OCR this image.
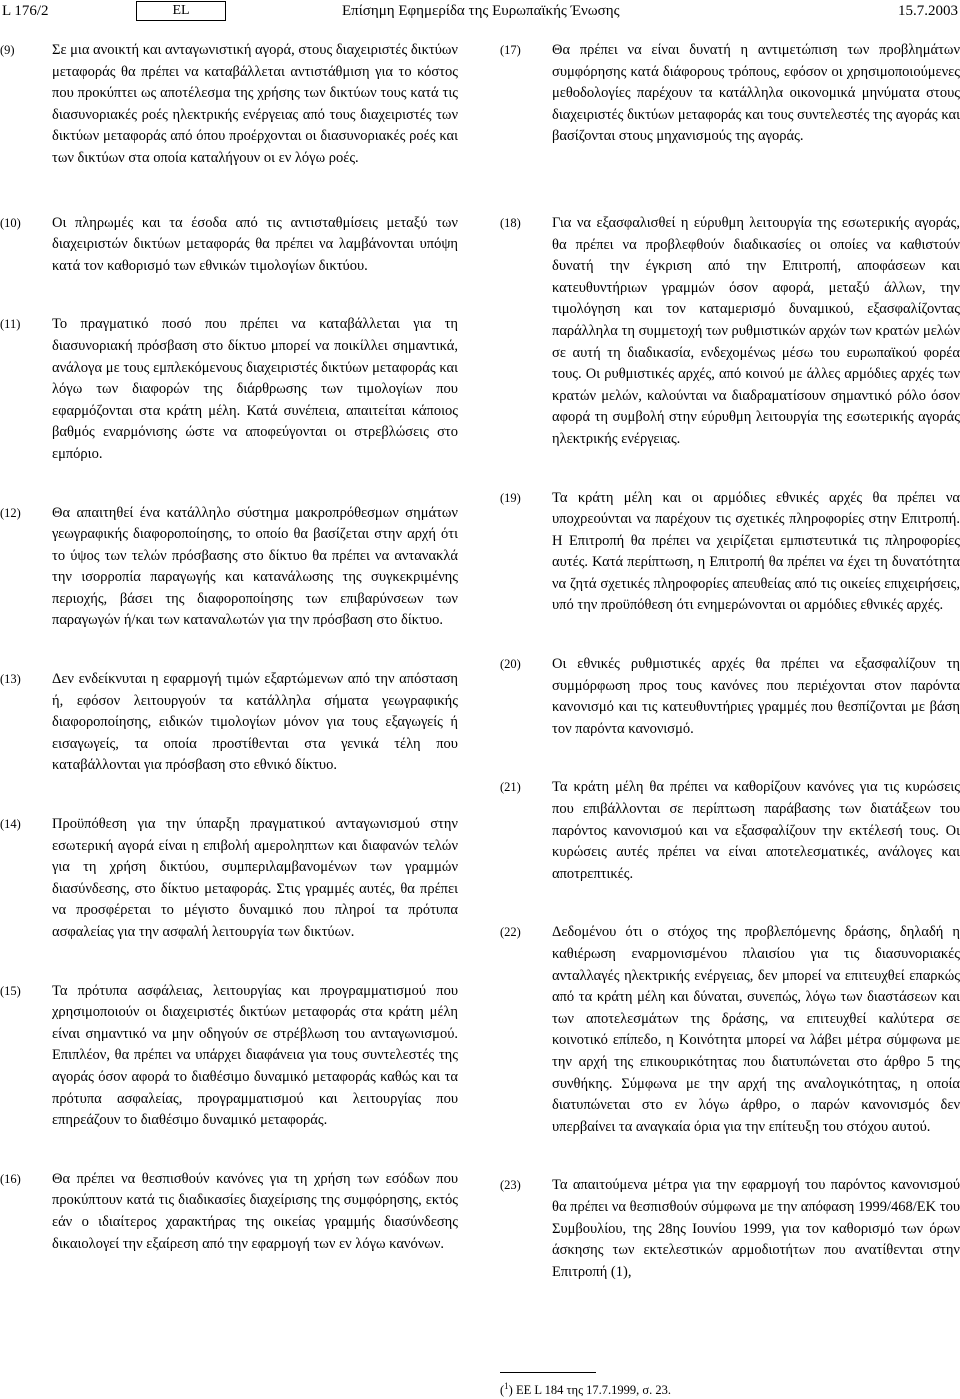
L 176/2	EL	Επίσημη Εφημερίδα της Ευρωπαϊκής Ένωσης	15.7.2003
(9)	Σε μια ανοικτή και ανταγωνιστική αγορά, στους διαχειριστές δικτύων μεταφοράς θα πρέπει να καταβάλλεται αντιστάθμιση για το κόστος που προκύπτει ως αποτέλεσμα της χρήσης των δικτύων τους κατά τις διασυνοριακές ροές ηλεκτρικής ενέργειας από τους διαχειριστές των δικτύων μεταφοράς από όπου προέρχονται οι διασυνοριακές ροές και των δικτύων στα οποία καταλήγουν οι εν λόγω ροές.
(10)	Οι πληρωμές και τα έσοδα από τις αντισταθμίσεις μεταξύ των διαχειριστών δικτύων μεταφοράς θα πρέπει να λαμβάνονται υπόψη κατά τον καθορισμό των εθνικών τιμολογίων δικτύου.
(11)	Το πραγματικό ποσό που πρέπει να καταβάλλεται για τη διασυνοριακή πρόσβαση στο δίκτυο μπορεί να ποικίλλει σημαντικά, ανάλογα με τους εμπλεκόμενους διαχειριστές δικτύων μεταφοράς και λόγω των διαφορών της διάρθρωσης των τιμολογίων που εφαρμόζονται στα κράτη μέλη. Κατά συνέπεια, απαιτείται κάποιος βαθμός εναρμόνισης ώστε να αποφεύγονται οι στρεβλώσεις στο εμπόριο.
(12)	Θα απαιτηθεί ένα κατάλληλο σύστημα μακροπρόθεσμων σημάτων γεωγραφικής διαφοροποίησης, το οποίο θα βασίζεται στην αρχή ότι το ύψος των τελών πρόσβασης στο δίκτυο θα πρέπει να αντανακλά την ισορροπία παραγωγής και κατανάλωσης της συγκεκριμένης περιοχής, βάσει της διαφοροποίησης των επιβαρύνσεων των παραγωγών ή/και των καταναλωτών για την πρόσβαση στο δίκτυο.
(13)	Δεν ενδείκνυται η εφαρμογή τιμών εξαρτώμενων από την απόσταση ή, εφόσον λειτουργούν τα κατάλληλα σήματα γεωγραφικής διαφοροποίησης, ειδικών τιμολογίων μόνον για τους εξαγωγείς ή εισαγωγείς, τα οποία προστίθενται στα γενικά τέλη που καταβάλλονται για πρόσβαση στο εθνικό δίκτυο.
(14)	Προϋπόθεση για την ύπαρξη πραγματικού ανταγωνισμού στην εσωτερική αγορά είναι η επιβολή αμεροληπτων και διαφανών τελών για τη χρήση δικτύου, συμπεριλαμβανομένων των γραμμών διασύνδεσης, στο δίκτυο μεταφοράς. Στις γραμμές αυτές, θα πρέπει να προσφέρεται το μέγιστο δυναμικό που πληροί τα πρότυπα ασφαλείας για την ασφαλή λειτουργία των δικτύων.
(15)	Τα πρότυπα ασφάλειας, λειτουργίας και προγραμματισμού που χρησιμοποιούν οι διαχειριστές δικτύων μεταφοράς στα κράτη μέλη είναι σημαντικό να μην οδηγούν σε στρέβλωση του ανταγωνισμού. Επιπλέον, θα πρέπει να υπάρχει διαφάνεια για τους συντελεστές της αγοράς όσον αφορά το διαθέσιμο δυναμικό μεταφοράς καθώς και τα πρότυπα ασφαλείας, προγραμματισμού και λειτουργίας που επηρεάζουν το διαθέσιμο δυναμικό μεταφοράς.
(16)	Θα πρέπει να θεσπισθούν κανόνες για τη χρήση των εσόδων που προκύπτουν κατά τις διαδικασίες διαχείρισης της συμφόρησης, εκτός εάν ο ιδιαίτερος χαρακτήρας της οικείας γραμμής διασύνδεσης δικαιολογεί την εξαίρεση από την εφαρμογή των εν λόγω κανόνων.
(17)	Θα πρέπει να είναι δυνατή η αντιμετώπιση των προβλημάτων συμφόρησης κατά διάφορους τρόπους, εφόσον οι χρησιμοποιούμενες μεθοδολογίες παρέχουν τα κατάλληλα οικονομικά μηνύματα στους διαχειριστές δικτύων μεταφοράς και τους συντελεστές της αγοράς και βασίζονται στους μηχανισμούς της αγοράς.
(18)	Για να εξασφαλισθεί η εύρυθμη λειτουργία της εσωτερικής αγοράς, θα πρέπει να προβλεφθούν διαδικασίες οι οποίες να καθιστούν δυνατή την έγκριση από την Επιτροπή, αποφάσεων και κατευθυντήριων γραμμών όσον αφορά, μεταξύ άλλων, την τιμολόγηση και τον καταμερισμό δυναμικού, εξασφαλίζοντας παράλληλα τη συμμετοχή των ρυθμιστικών αρχών των κρατών μελών σε αυτή τη διαδικασία, ενδεχομένως μέσω του ευρωπαϊκού φορέα τους. Οι ρυθμιστικές αρχές, από κοινού με άλλες αρμόδιες αρχές των κρατών μελών, καλούνται να διαδραματίσουν σημαντικό ρόλο όσον αφορά τη συμβολή στην εύρυθμη λειτουργία της εσωτερικής αγοράς ηλεκτρικής ενέργειας.
(19)	Τα κράτη μέλη και οι αρμόδιες εθνικές αρχές θα πρέπει να υποχρεούνται να παρέχουν τις σχετικές πληροφορίες στην Επιτροπή. Η Επιτροπή θα πρέπει να χειρίζεται εμπιστευτικά τις πληροφορίες αυτές. Κατά περίπτωση, η Επιτροπή θα πρέπει να έχει τη δυνατότητα να ζητά σχετικές πληροφορίες απευθείας από τις οικείες επιχειρήσεις, υπό την προϋπόθεση ότι ενημερώνονται οι αρμόδιες εθνικές αρχές.
(20)	Οι εθνικές ρυθμιστικές αρχές θα πρέπει να εξασφαλίζουν τη συμμόρφωση προς τους κανόνες που περιέχονται στον παρόντα κανονισμό και τις κατευθυντήριες γραμμές που θεσπίζονται με βάση τον παρόντα κανονισμό.
(21)	Τα κράτη μέλη θα πρέπει να καθορίζουν κανόνες για τις κυρώσεις που επιβάλλονται σε περίπτωση παράβασης των διατάξεων του παρόντος κανονισμού και να εξασφαλίζουν την εκτέλεσή τους. Οι κυρώσεις αυτές πρέπει να είναι αποτελεσματικές, ανάλογες και αποτρεπτικές.
(22)	Δεδομένου ότι ο στόχος της προβλεπόμενης δράσης, δηλαδή η καθιέρωση εναρμονισμένου πλαισίου για τις διασυνοριακές ανταλλαγές ηλεκτρικής ενέργειας, δεν μπορεί να επιτευχθεί επαρκώς από τα κράτη μέλη και δύναται, συνεπώς, λόγω των διαστάσεων και των αποτελεσμάτων της δράσης, να επιτευχθεί καλύτερα σε κοινοτικό επίπεδο, η Κοινότητα μπορεί να λάβει μέτρα σύμφωνα με την αρχή της επικουρικότητας που διατυπώνεται στο άρθρο 5 της συνθήκης. Σύμφωνα με την αρχή της αναλογικότητας, η οποία διατυπώνεται στο εν λόγω άρθρο, ο παρών κανονισμός δεν υπερβαίνει τα αναγκαία όρια για την επίτευξη του στόχου αυτού.
(23)	Τα απαιτούμενα μέτρα για την εφαρμογή του παρόντος κανονισμού θα πρέπει να θεσπισθούν σύμφωνα με την απόφαση 1999/468/ΕΚ του Συμβουλίου, της 28ης Ιουνίου 1999, για τον καθορισμό των όρων άσκησης των εκτελεστικών αρμοδιοτήτων που ανατίθενται στην Επιτροπή (1),
($^1$) ΕΕ L 184 της 17.7.1999, σ. 23.
